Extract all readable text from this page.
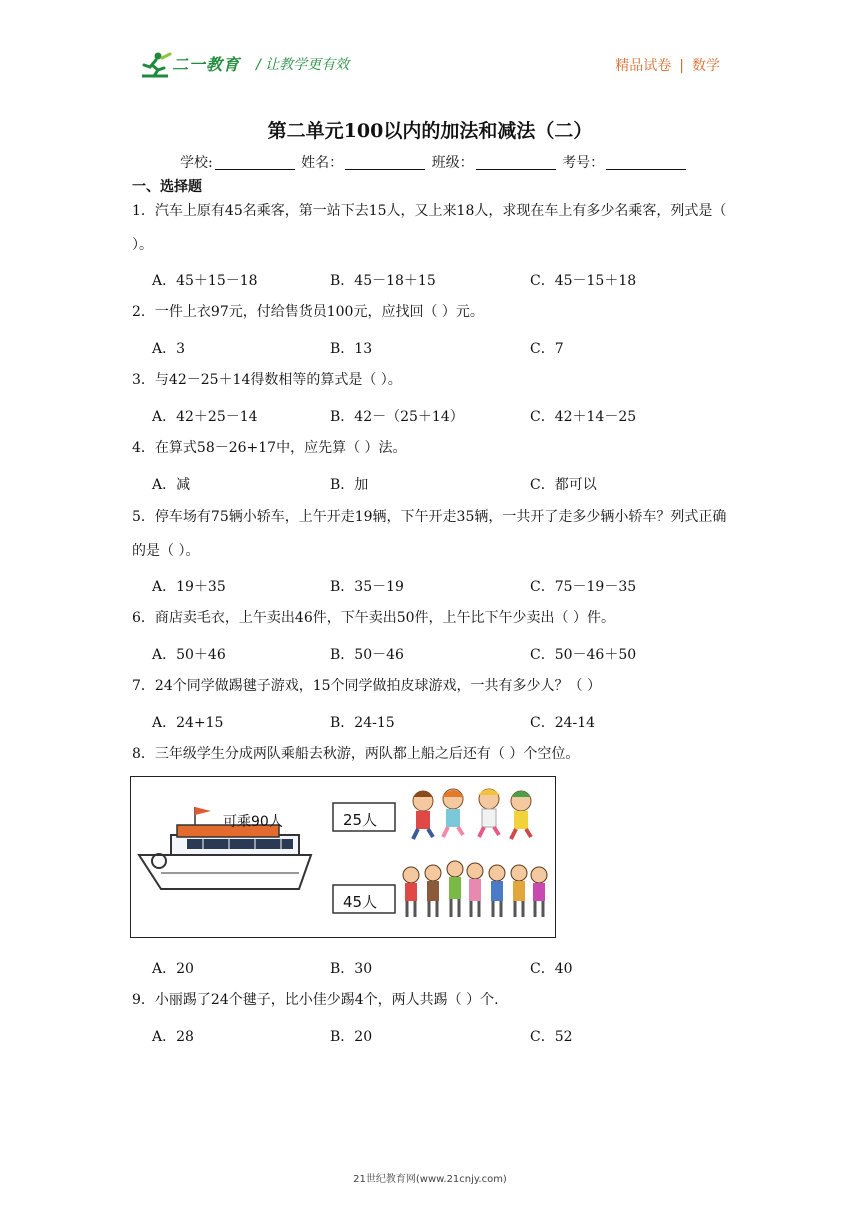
二一教育 / 让教学更有效	精品试卷 | 数学
第二单元100以内的加法和减法（二）
学校:	姓名：	班级：	考号：
一、选择题
1．汽车上原有45名乘客，第一站下去15人，又上来18人，求现在车上有多少名乘客，列式是（ ）。
A．45＋15－18	B．45－18＋15	C．45－15＋18
2．一件上衣97元，付给售货员100元，应找回（ ）元。
A．3	B．13	C．7
3．与42－25＋14得数相等的算式是（ ）。
A．42＋25－14	B．42－（25＋14）	C．42＋14－25
4．在算式58－26+17中，应先算（ ）法。
A．减	B．加	C．都可以
5．停车场有75辆小轿车，上午开走19辆，下午开走35辆，一共开了走多少辆小轿车？列式正确的是（ ）。
A．19＋35	B．35－19	C．75－19－35
6．商店卖毛衣，上午卖出46件，下午卖出50件，上午比下午少卖出（ ）件。
A．50＋46	B．50－46	C．50－46＋50
7．24个同学做踢毽子游戏，15个同学做拍皮球游戏，一共有多少人？（ ）
A．24+15	B．24-15	C．24-14
8．三年级学生分成两队乘船去秋游，两队都上船之后还有（ ）个空位。
可乘90人	25人
45人
A．20	B．30	C．40
9．小丽踢了24个毽子，比小佳少踢4个，两人共踢（ ）个.
A．28	B．20	C．52
21世纪教育网(www.21cnjy.com)
